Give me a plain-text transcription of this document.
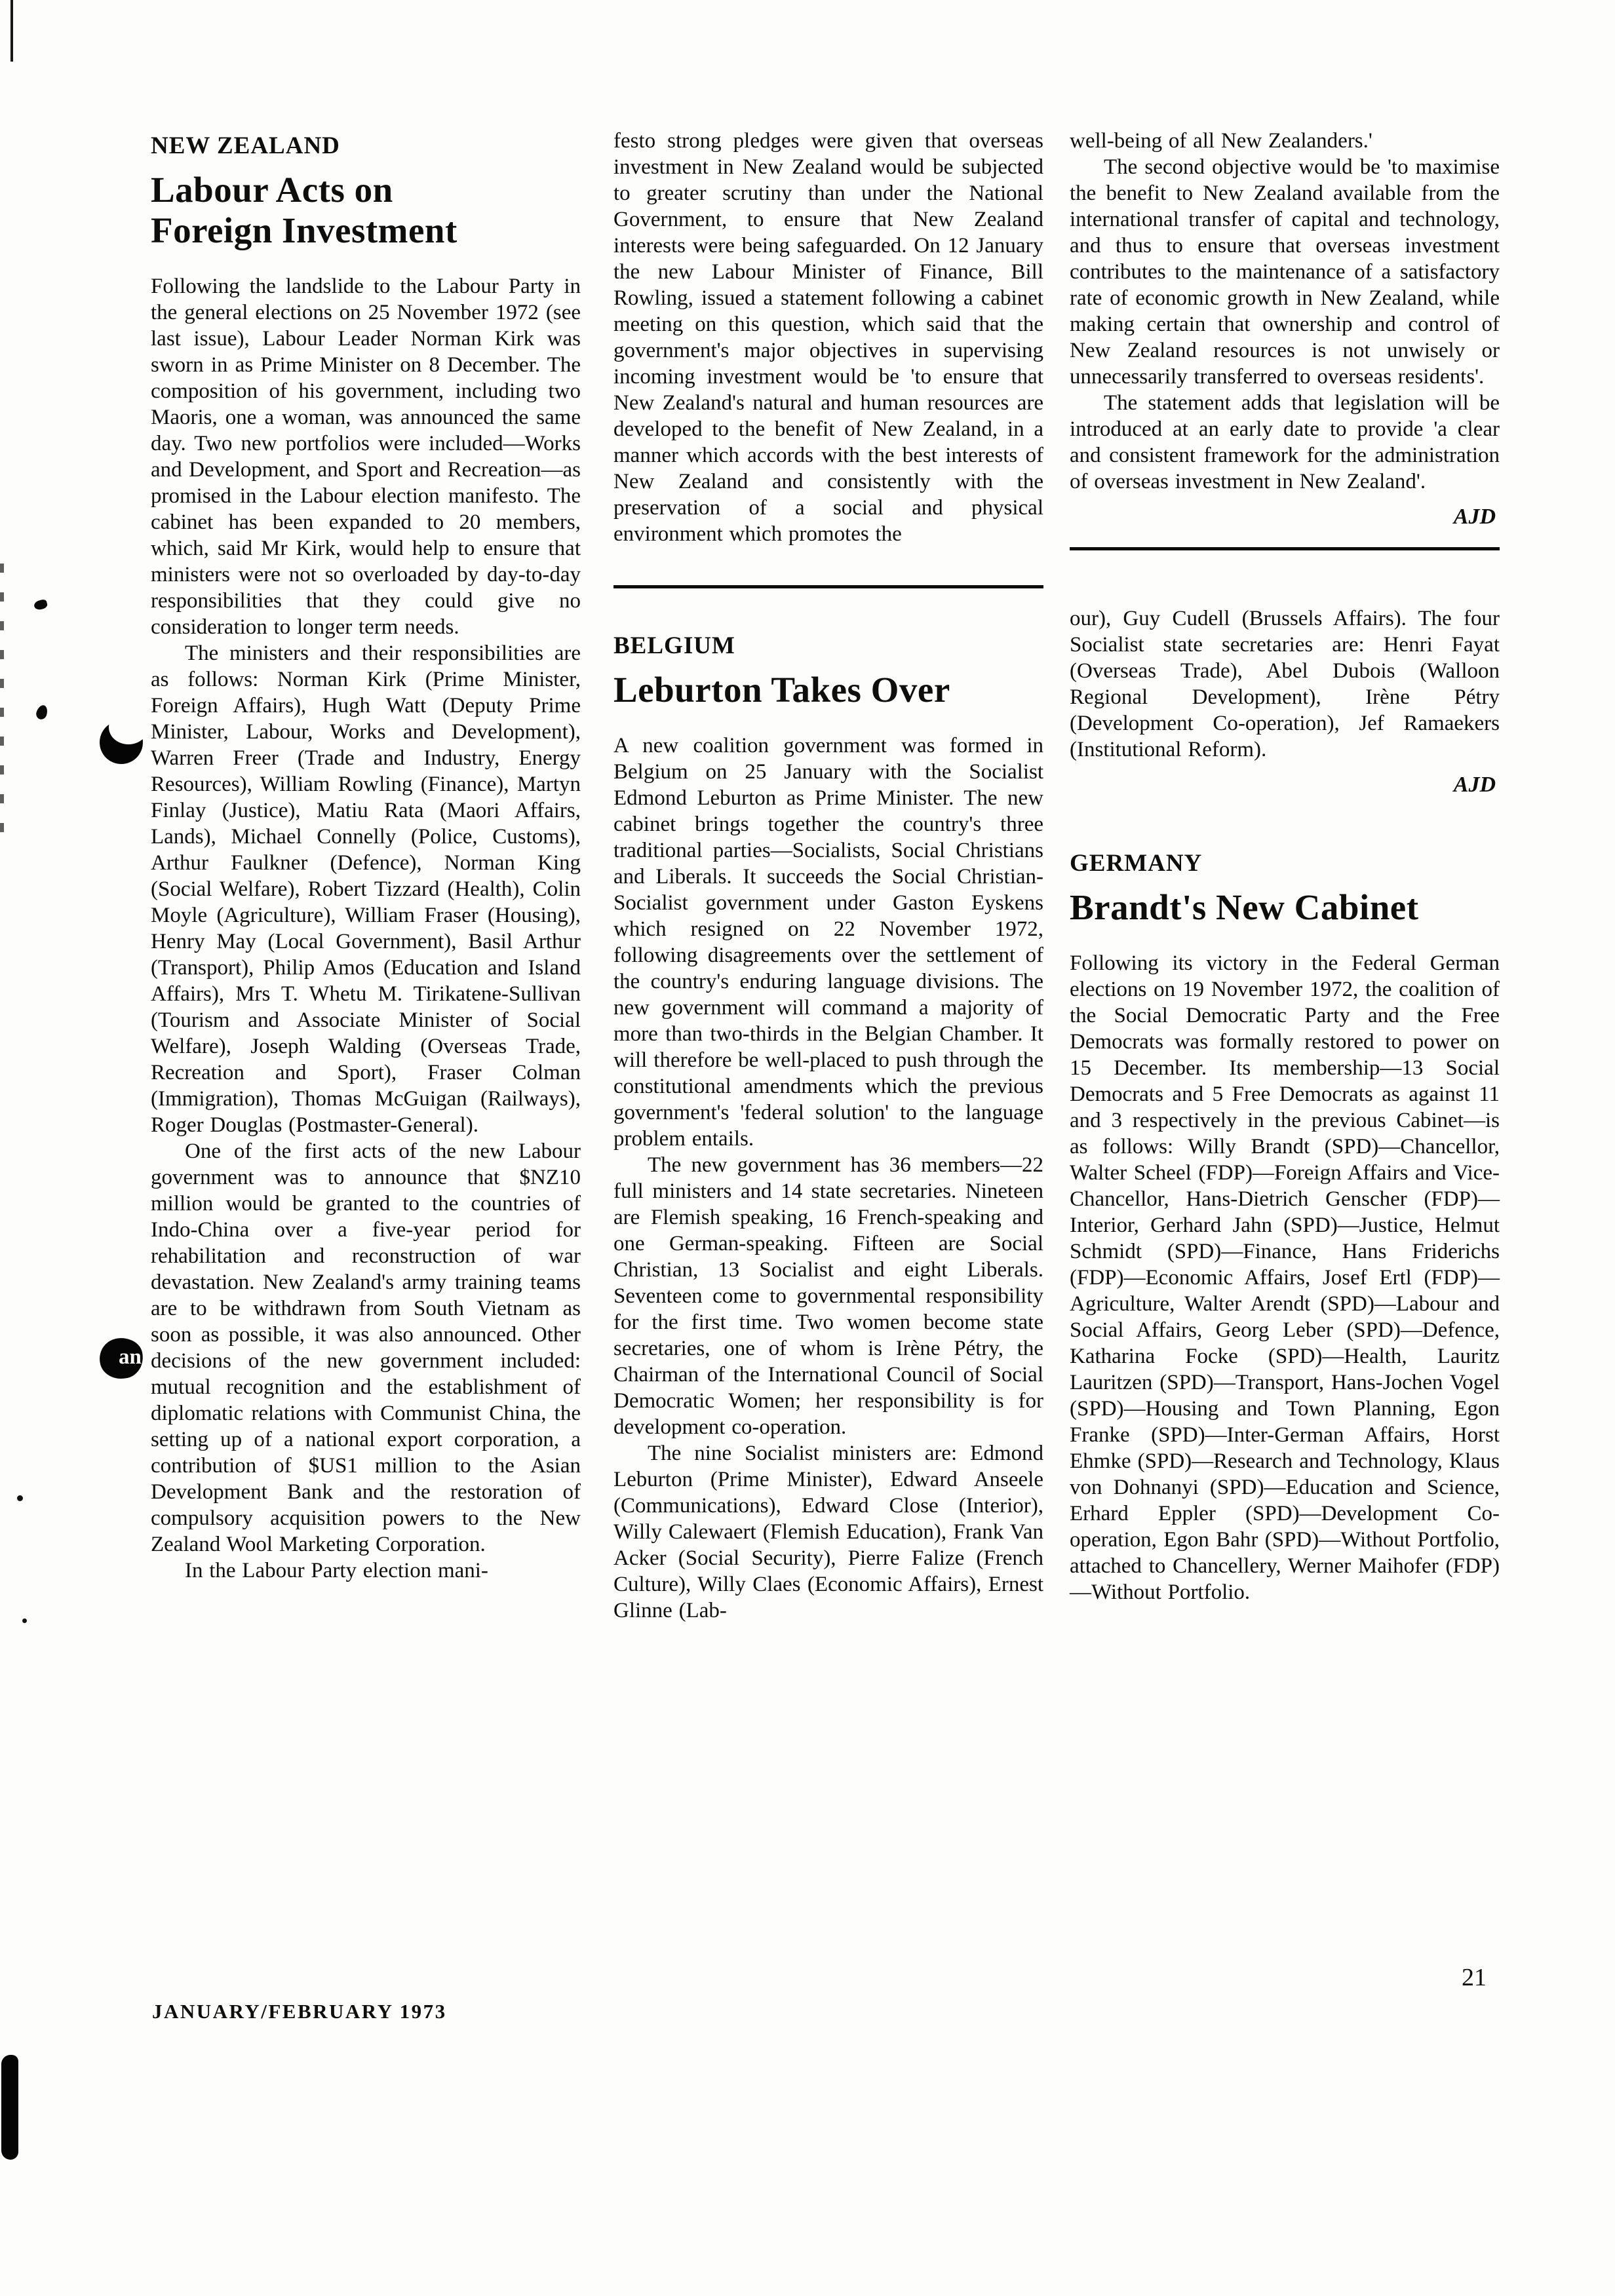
NEW ZEALAND
Labour Acts on
Foreign Investment

Following the landslide to the Labour Party in the general elections on 25 November 1972 (see last issue), Labour Leader Norman Kirk was sworn in as Prime Minister on 8 December. The composition of his government, including two Maoris, one a woman, was announced the same day. Two new portfolios were included—Works and Development, and Sport and Recreation—as promised in the Labour election manifesto. The cabinet has been expanded to 20 members, which, said Mr Kirk, would help to ensure that ministers were not so overloaded by day-to-day responsibilities that they could give no consideration to longer term needs.

The ministers and their responsibilities are as follows: Norman Kirk (Prime Minister, Foreign Affairs), Hugh Watt (Deputy Prime Minister, Labour, Works and Development), Warren Freer (Trade and Industry, Energy Resources), William Rowling (Finance), Martyn Finlay (Justice), Matiu Rata (Maori Affairs, Lands), Michael Connelly (Police, Customs), Arthur Faulkner (Defence), Norman King (Social Welfare), Robert Tizzard (Health), Colin Moyle (Agriculture), William Fraser (Housing), Henry May (Local Government), Basil Arthur (Transport), Philip Amos (Education and Island Affairs), Mrs T. Whetu M. Tirikatene-Sullivan (Tourism and Associate Minister of Social Welfare), Joseph Walding (Overseas Trade, Recreation and Sport), Fraser Colman (Immigration), Thomas McGuigan (Railways), Roger Douglas (Postmaster-General).

One of the first acts of the new Labour government was to announce that $NZ10 million would be granted to the countries of Indo-China over a five-year period for rehabilitation and reconstruction of war devastation. New Zealand's army training teams are to be withdrawn from South Vietnam as soon as possible, it was also announced. Other decisions of the new government included: mutual recognition and the establishment of diplomatic relations with Communist China, the setting up of a national export corporation, a contribution of $US1 million to the Asian Development Bank and the restoration of compulsory acquisition powers to the New Zealand Wool Marketing Corporation.

In the Labour Party election mani-

festo strong pledges were given that overseas investment in New Zealand would be subjected to greater scrutiny than under the National Government, to ensure that New Zealand interests were being safeguarded. On 12 January the new Labour Minister of Finance, Bill Rowling, issued a statement following a cabinet meeting on this question, which said that the government's major objectives in supervising incoming investment would be 'to ensure that New Zealand's natural and human resources are developed to the benefit of New Zealand, in a manner which accords with the best interests of New Zealand and consistently with the preservation of a social and physical environment which promotes the

BELGIUM
Leburton Takes Over

A new coalition government was formed in Belgium on 25 January with the Socialist Edmond Leburton as Prime Minister. The new cabinet brings together the country's three traditional parties—Socialists, Social Christians and Liberals. It succeeds the Social Christian-Socialist government under Gaston Eyskens which resigned on 22 November 1972, following disagreements over the settlement of the country's enduring language divisions. The new government will command a majority of more than two-thirds in the Belgian Chamber. It will therefore be well-placed to push through the constitutional amendments which the previous government's 'federal solution' to the language problem entails.

The new government has 36 members—22 full ministers and 14 state secretaries. Nineteen are Flemish speaking, 16 French-speaking and one German-speaking. Fifteen are Social Christian, 13 Socialist and eight Liberals. Seventeen come to governmental responsibility for the first time. Two women become state secretaries, one of whom is Irène Pétry, the Chairman of the International Council of Social Democratic Women; her responsibility is for development co-operation.

The nine Socialist ministers are: Edmond Leburton (Prime Minister), Edward Anseele (Communications), Edward Close (Interior), Willy Calewaert (Flemish Education), Frank Van Acker (Social Security), Pierre Falize (French Culture), Willy Claes (Economic Affairs), Ernest Glinne (Lab-

well-being of all New Zealanders.'

The second objective would be 'to maximise the benefit to New Zealand available from the international transfer of capital and technology, and thus to ensure that overseas investment contributes to the maintenance of a satisfactory rate of economic growth in New Zealand, while making certain that ownership and control of New Zealand resources is not unwisely or unnecessarily transferred to overseas residents'.

The statement adds that legislation will be introduced at an early date to provide 'a clear and consistent framework for the administration of overseas investment in New Zealand'.

AJD

our), Guy Cudell (Brussels Affairs). The four Socialist state secretaries are: Henri Fayat (Overseas Trade), Abel Dubois (Walloon Regional Development), Irène Pétry (Development Co-operation), Jef Ramaekers (Institutional Reform).

AJD
GERMANY
Brandt's New Cabinet

Following its victory in the Federal German elections on 19 November 1972, the coalition of the Social Democratic Party and the Free Democrats was formally restored to power on 15 December. Its membership—13 Social Democrats and 5 Free Democrats as against 11 and 3 respectively in the previous Cabinet—is as follows: Willy Brandt (SPD)—Chancellor, Walter Scheel (FDP)—Foreign Affairs and Vice-Chancellor, Hans-Dietrich Genscher (FDP)—Interior, Gerhard Jahn (SPD)—Justice, Helmut Schmidt (SPD)—Finance, Hans Friderichs (FDP)—Economic Affairs, Josef Ertl (FDP)—Agriculture, Walter Arendt (SPD)—Labour and Social Affairs, Georg Leber (SPD)—Defence, Katharina Focke (SPD)—Health, Lauritz Lauritzen (SPD)—Transport, Hans-Jochen Vogel (SPD)—Housing and Town Planning, Egon Franke (SPD)—Inter-German Affairs, Horst Ehmke (SPD)—Research and Technology, Klaus von Dohnanyi (SPD)—Education and Science, Erhard Eppler (SPD)—Development Co-operation, Egon Bahr (SPD)—Without Portfolio, attached to Chancellery, Werner Maihofer (FDP)—Without Portfolio.

JANUARY/FEBRUARY 1973
21
an
